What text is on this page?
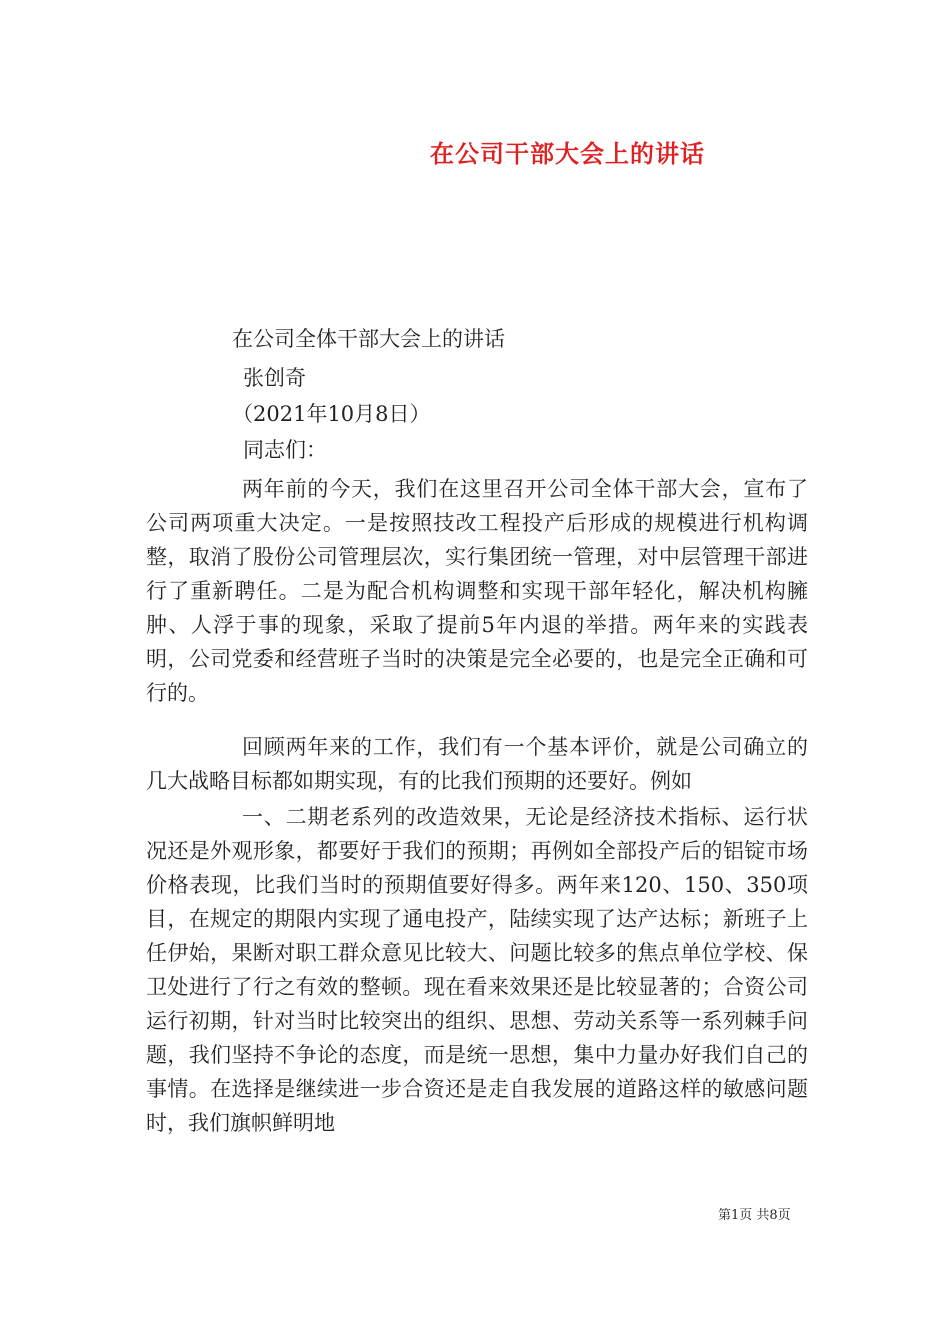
在公司干部大会上的讲话
在公司全体干部大会上的讲话
张创奇
（2021年10月8日）
同志们：
两年前的今天，我们在这里召开公司全体干部大会，宣布了公司两项重大决定。一是按照技改工程投产后形成的规模进行机构调整，取消了股份公司管理层次，实行集团统一管理，对中层管理干部进行了重新聘任。二是为配合机构调整和实现干部年轻化，解决机构臃肿、人浮于事的现象，采取了提前5年内退的举措。两年来的实践表明，公司党委和经营班子当时的决策是完全必要的，也是完全正确和可行的。
回顾两年来的工作，我们有一个基本评价，就是公司确立的几大战略目标都如期实现，有的比我们预期的还要好。例如
一、二期老系列的改造效果，无论是经济技术指标、运行状况还是外观形象，都要好于我们的预期；再例如全部投产后的铝锭市场价格表现，比我们当时的预期值要好得多。两年来120、150、350项目，在规定的期限内实现了通电投产，陆续实现了达产达标；新班子上任伊始，果断对职工群众意见比较大、问题比较多的焦点单位学校、保卫处进行了行之有效的整顿。现在看来效果还是比较显著的；合资公司运行初期，针对当时比较突出的组织、思想、劳动关系等一系列棘手问题，我们坚持不争论的态度，而是统一思想，集中力量办好我们自己的事情。在选择是继续进一步合资还是走自我发展的道路这样的敏感问题时，我们旗帜鲜明地
第1页 共8页
